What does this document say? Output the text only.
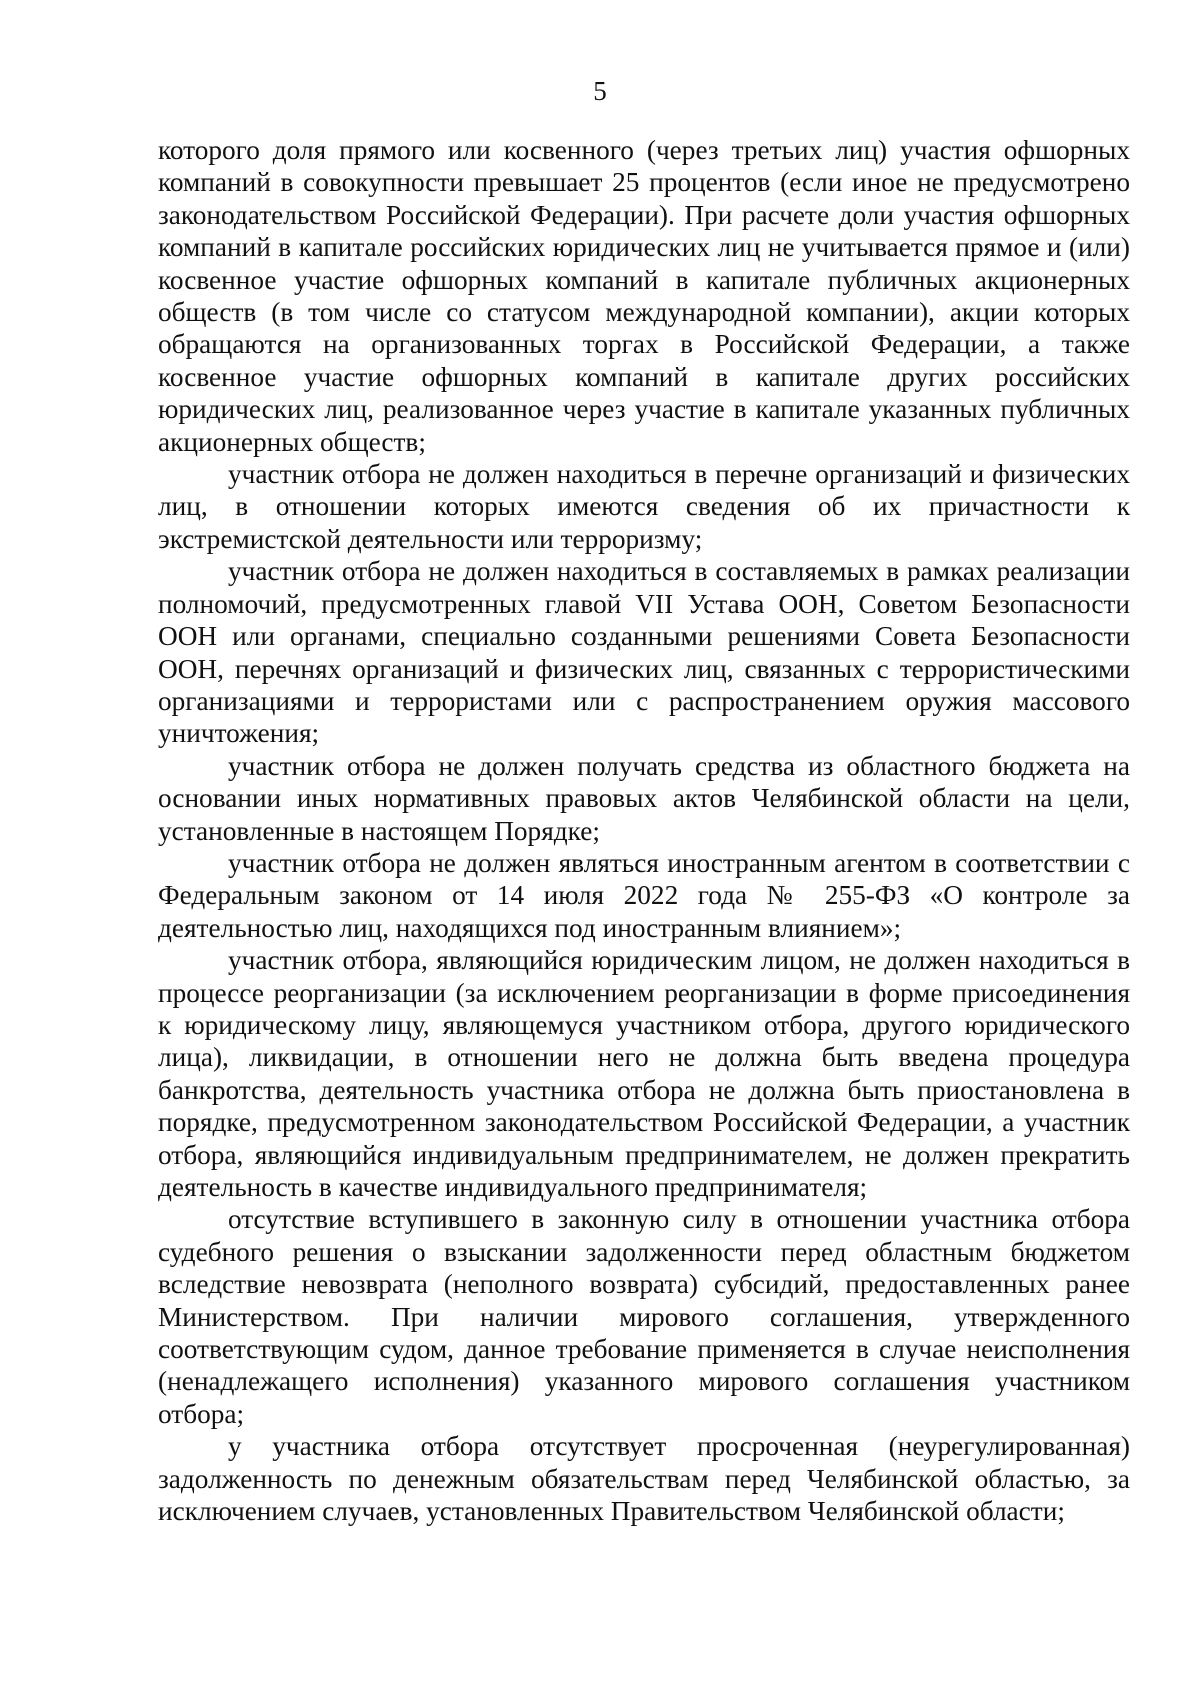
5

которого доля прямого или косвенного (через третьих лиц) участия офшорных компаний в совокупности превышает 25 процентов (если иное не предусмотрено законодательством Российской Федерации). При расчете доли участия офшорных компаний в капитале российских юридических лиц не учитывается прямое и (или) косвенное участие офшорных компаний в капитале публичных акционерных обществ (в том числе со статусом международной компании), акции которых обращаются на организованных торгах в Российской Федерации, а также косвенное участие офшорных компаний в капитале других российских юридических лиц, реализованное через участие в капитале указанных публичных акционерных обществ;

участник отбора не должен находиться в перечне организаций и физических лиц, в отношении которых имеются сведения об их причастности к экстремистской деятельности или терроризму;

участник отбора не должен находиться в составляемых в рамках реализации полномочий, предусмотренных главой VII Устава ООН, Советом Безопасности ООН или органами, специально созданными решениями Совета Безопасности ООН, перечнях организаций и физических лиц, связанных с террористическими организациями и террористами или с распространением оружия массового уничтожения;

участник отбора не должен получать средства из областного бюджета на основании иных нормативных правовых актов Челябинской области на цели, установленные в настоящем Порядке;

участник отбора не должен являться иностранным агентом в соответствии с Федеральным законом от 14 июля 2022 года № 255-ФЗ «О контроле за деятельностью лиц, находящихся под иностранным влиянием»;

участник отбора, являющийся юридическим лицом, не должен находиться в процессе реорганизации (за исключением реорганизации в форме присоединения к юридическому лицу, являющемуся участником отбора, другого юридического лица), ликвидации, в отношении него не должна быть введена процедура банкротства, деятельность участника отбора не должна быть приостановлена в порядке, предусмотренном законодательством Российской Федерации, а участник отбора, являющийся индивидуальным предпринимателем, не должен прекратить деятельность в качестве индивидуального предпринимателя;

отсутствие вступившего в законную силу в отношении участника отбора судебного решения о взыскании задолженности перед областным бюджетом вследствие невозврата (неполного возврата) субсидий, предоставленных ранее Министерством. При наличии мирового соглашения, утвержденного соответствующим судом, данное требование применяется в случае неисполнения (ненадлежащего исполнения) указанного мирового соглашения участником отбора;

у участника отбора отсутствует просроченная (неурегулированная) задолженность по денежным обязательствам перед Челябинской областью, за исключением случаев, установленных Правительством Челябинской области;
